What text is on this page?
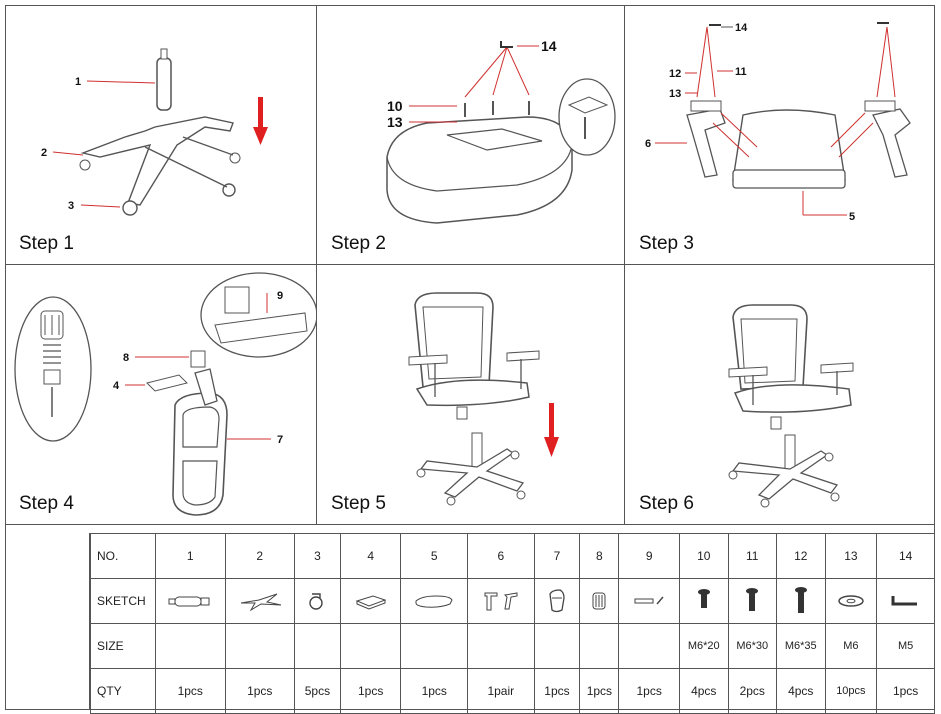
1
2
3
Step 1
14
10
13
Step 2
14
12	11
13
6
5
Step 3
9
8
4
7
Step 4	Step 5	Step 6
NO.	1	2	3	4	5	6	7	8	9	10	11	12	13	14
SKETCH	

SIZE										M6*20	M6*30	M6*35	M6	M5
QTY	1pcs	1pcs	5pcs	1pcs	1pcs	1pair	1pcs	1pcs	1pcs	4pcs	2pcs	4pcs	10pcs	1pcs
